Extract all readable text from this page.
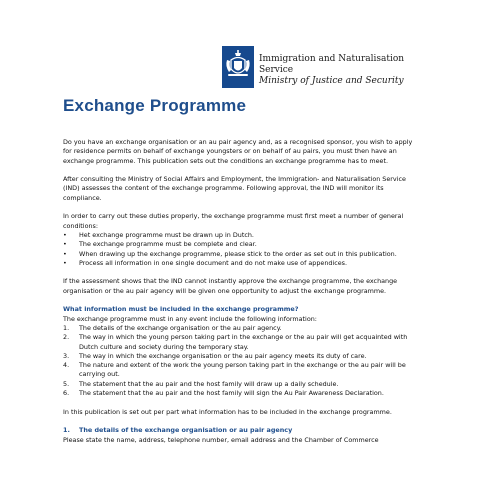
Immigration and Naturalisation
Service
Ministry of Justice and Security
Exchange Programme

Do you have an exchange organisation or an au pair agency and, as a recognised sponsor, you wish to apply for residence permits on behalf of exchange youngsters or on behalf of au pairs, you must then have an exchange programme. This publication sets out the conditions an exchange programme has to meet.

After consulting the Ministry of Social Affairs and Employment, the Immigration- and Naturalisation Service (IND) assesses the content of the exchange programme. Following approval, the IND will monitor its compliance.

In order to carry out these duties properly, the exchange programme must first meet a number of general conditions:

• Het exchange programme must be drawn up in Dutch.
• The exchange programme must be complete and clear.
• When drawing up the exchange programme, please stick to the order as set out in this publication.
• Process all information in one single document and do not make use of appendices.

If the assessment shows that the IND cannot instantly approve the exchange programme, the exchange organisation or the au pair agency will be given one opportunity to adjust the exchange programme.

What information must be included in the exchange programme?

The exchange programme must in any event include the following information:

1. The details of the exchange organisation or the au pair agency.
2. The way in which the young person taking part in the exchange or the au pair will get acquainted with Dutch culture and society during the temporary stay.
3. The way in which the exchange organisation or the au pair agency meets its duty of care.
4. The nature and extent of the work the young person taking part in the exchange or the au pair will be carrying out.
5. The statement that the au pair and the host family will draw up a daily schedule.
6. The statement that the au pair and the host family will sign the Au Pair Awareness Declaration.

In this publication is set out per part what information has to be included in the exchange programme.

1. The details of the exchange organisation or au pair agency

Please state the name, address, telephone number, email address and the Chamber of Commerce
